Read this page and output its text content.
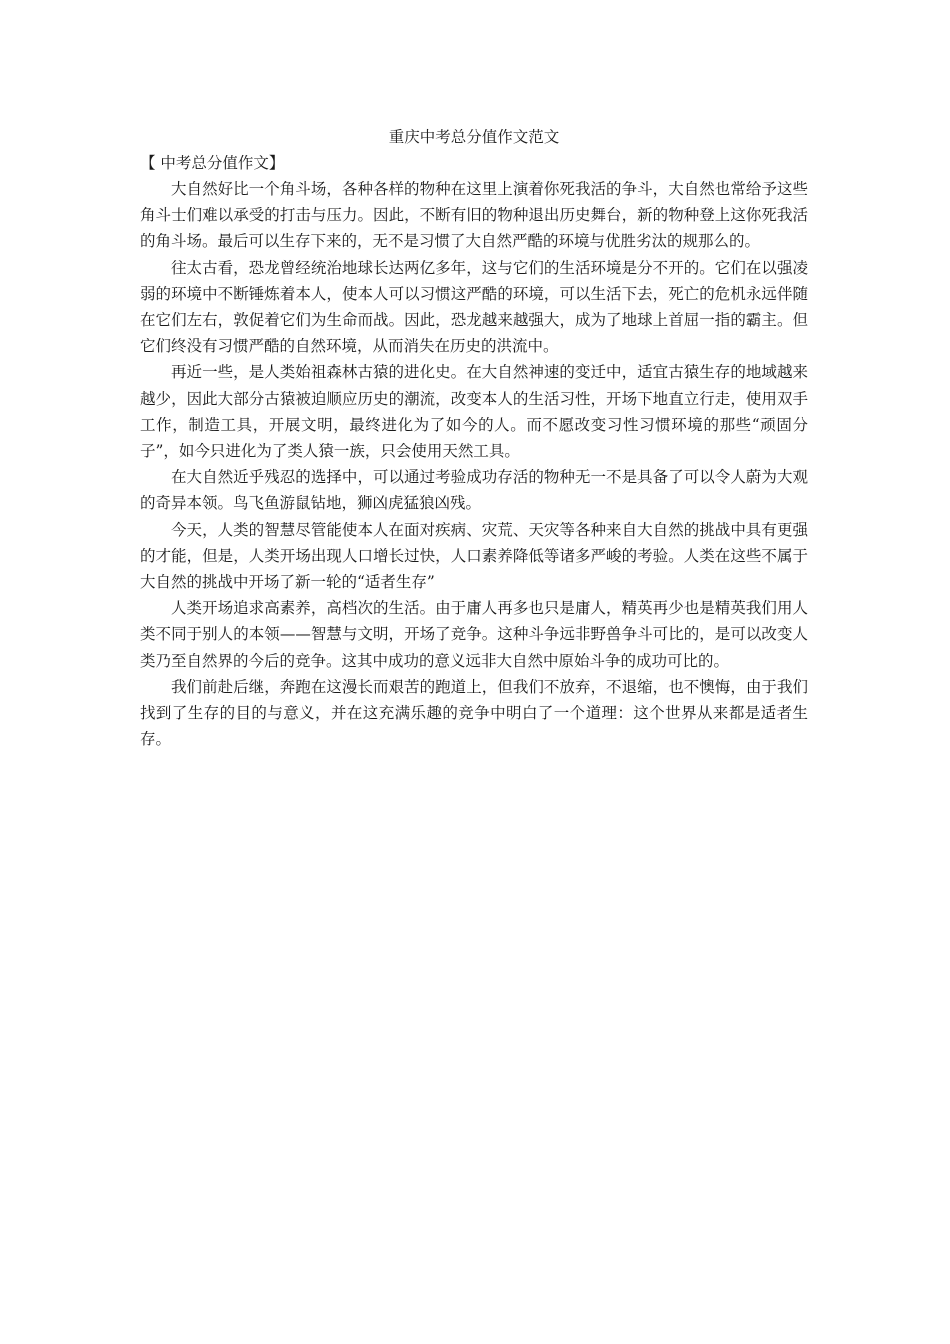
重庆中考总分值作文范文

【 中考总分值作文】

大自然好比一个角斗场，各种各样的物种在这里上演着你死我活的争斗，大自然也常给予这些角斗士们难以承受的打击与压力。因此，不断有旧的物种退出历史舞台，新的物种登上这你死我活的角斗场。最后可以生存下来的，无不是习惯了大自然严酷的环境与优胜劣汰的规那么的。

往太古看，恐龙曾经统治地球长达两亿多年，这与它们的生活环境是分不开的。它们在以强凌弱的环境中不断锤炼着本人，使本人可以习惯这严酷的环境，可以生活下去，死亡的危机永远伴随在它们左右，敦促着它们为生命而战。因此，恐龙越来越强大，成为了地球上首屈一指的霸主。但它们终没有习惯严酷的自然环境，从而消失在历史的洪流中。

再近一些，是人类始祖森林古猿的进化史。在大自然神速的变迁中，适宜古猿生存的地域越来越少，因此大部分古猿被迫顺应历史的潮流，改变本人的生活习性，开场下地直立行走，使用双手工作，制造工具，开展文明，最终进化为了如今的人。而不愿改变习性习惯环境的那些“顽固分子”，如今只进化为了类人猿一族，只会使用天然工具。

在大自然近乎残忍的选择中，可以通过考验成功存活的物种无一不是具备了可以令人蔚为大观的奇异本领。鸟飞鱼游鼠钻地，狮凶虎猛狼凶残。

今天，人类的智慧尽管能使本人在面对疾病、灾荒、天灾等各种来自大自然的挑战中具有更强的才能，但是，人类开场出现人口增长过快，人口素养降低等诸多严峻的考验。人类在这些不属于大自然的挑战中开场了新一轮的“适者生存”

人类开场追求高素养，高档次的生活。由于庸人再多也只是庸人，精英再少也是精英我们用人类不同于别人的本领——智慧与文明，开场了竞争。这种斗争远非野兽争斗可比的，是可以改变人类乃至自然界的今后的竞争。这其中成功的意义远非大自然中原始斗争的成功可比的。

我们前赴后继，奔跑在这漫长而艰苦的跑道上，但我们不放弃，不退缩，也不懊悔，由于我们找到了生存的目的与意义，并在这充满乐趣的竞争中明白了一个道理：这个世界从来都是适者生存。
